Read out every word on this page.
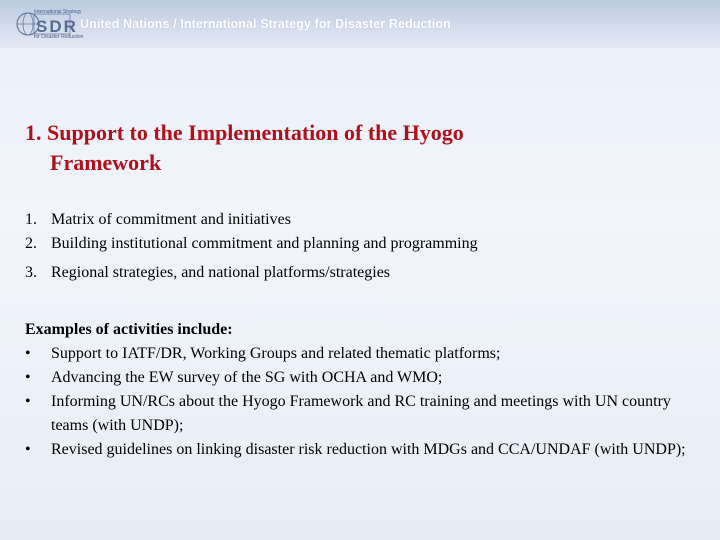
International Strategy
SDR
for Disaster Reduction
United Nations / International Strategy for Disaster Reduction
1. Support to the Implementation of the Hyogo
Framework
1. Matrix of commitment and initiatives
2. Building institutional commitment and planning and programming
3. Regional strategies, and national platforms/strategies
Examples of activities include:
• Support to IATF/DR, Working Groups and related thematic platforms;
• Advancing the EW survey of the SG with OCHA and WMO;
• Informing UN/RCs about the Hyogo Framework and RC training and meetings with UN country teams (with UNDP);
• Revised guidelines on linking disaster risk reduction with MDGs and CCA/UNDAF (with UNDP);
